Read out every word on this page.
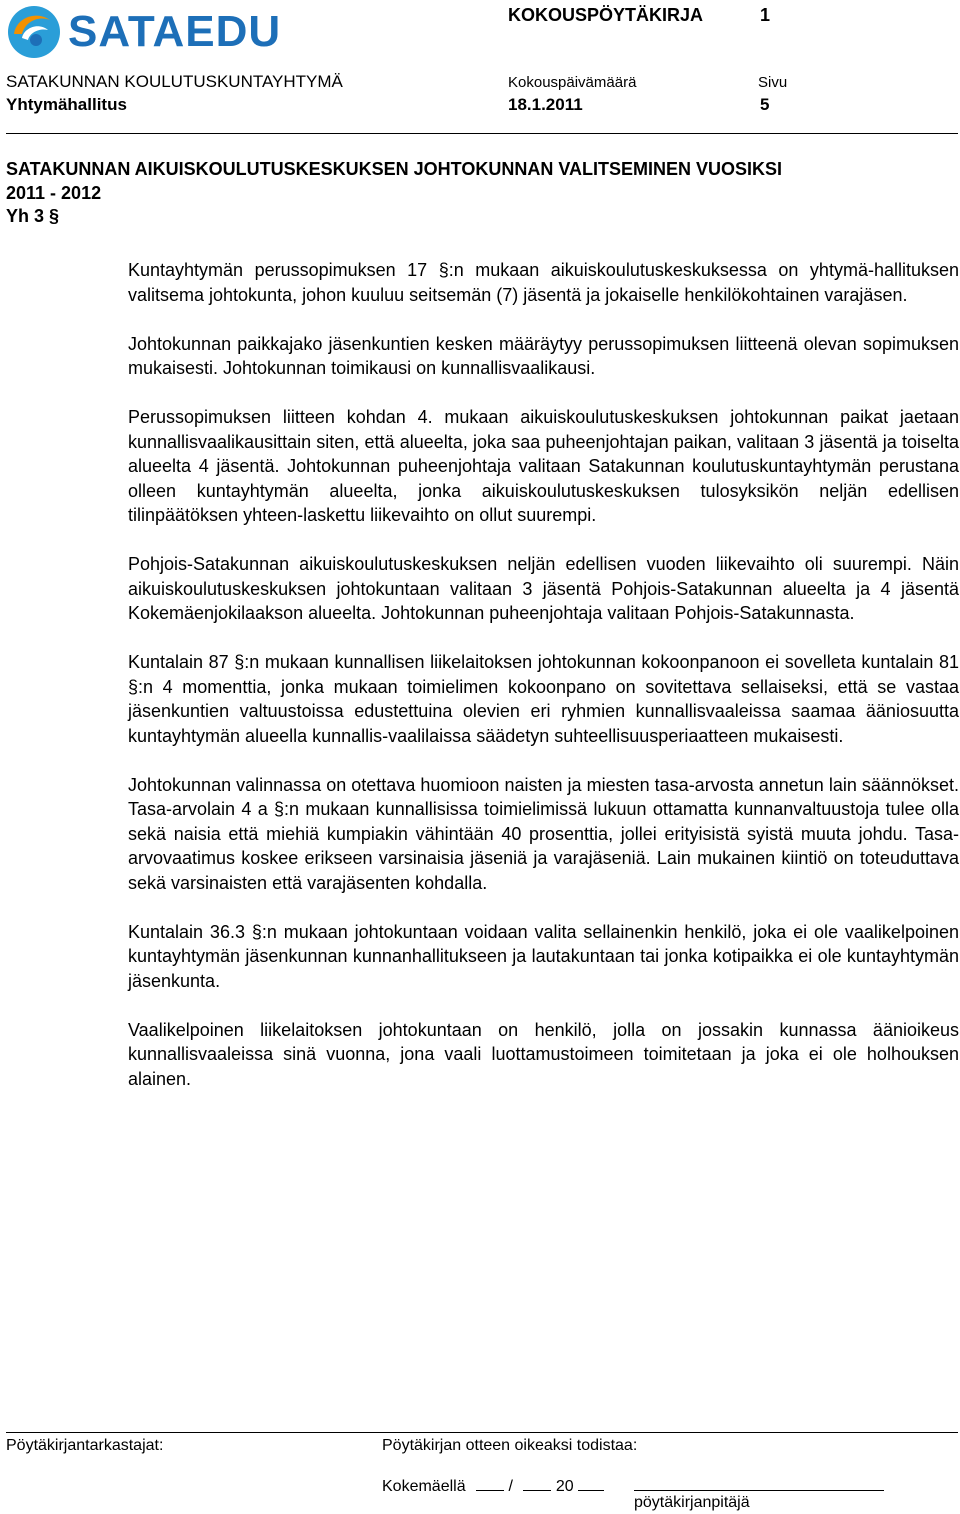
SATAEDU	KOKOUSPÖYTÄKIRJA	1
SATAKUNNAN KOULUTUSKUNTAYHTYMÄ	Kokouspäivämäärä	Sivu
Yhtymähallitus	18.1.2011	5
SATAKUNNAN AIKUISKOULUTUSKESKUKSEN JOHTOKUNNAN VALITSEMINEN VUOSIKSI
2011 - 2012
Yh 3 §

Kuntayhtymän perussopimuksen 17 §:n mukaan aikuiskoulutuskeskuksessa on yhtymä-hallituksen valitsema johtokunta, johon kuuluu seitsemän (7) jäsentä ja jokaiselle henkilökohtainen varajäsen.

Johtokunnan paikkajako jäsenkuntien kesken määräytyy perussopimuksen liitteenä olevan sopimuksen mukaisesti. Johtokunnan toimikausi on kunnallisvaalikausi.

Perussopimuksen liitteen kohdan 4. mukaan aikuiskoulutuskeskuksen johtokunnan paikat jaetaan kunnallisvaalikausittain siten, että alueelta, joka saa puheenjohtajan paikan, valitaan 3 jäsentä ja toiselta alueelta 4 jäsentä. Johtokunnan puheenjohtaja valitaan Satakunnan koulutuskuntayhtymän perustana olleen kuntayhtymän alueelta, jonka aikuiskoulutuskeskuksen tulosyksikön neljän edellisen tilinpäätöksen yhteen-laskettu liikevaihto on ollut suurempi.

Pohjois-Satakunnan aikuiskoulutuskeskuksen neljän edellisen vuoden liikevaihto oli suurempi. Näin aikuiskoulutuskeskuksen johtokuntaan valitaan 3 jäsentä Pohjois-Satakunnan alueelta ja 4 jäsentä Kokemäenjokilaakson alueelta. Johtokunnan puheenjohtaja valitaan Pohjois-Satakunnasta.

Kuntalain 87 §:n mukaan kunnallisen liikelaitoksen johtokunnan kokoonpanoon ei sovelleta kuntalain 81 §:n 4 momenttia, jonka mukaan toimielimen kokoonpano on sovitettava sellaiseksi, että se vastaa jäsenkuntien valtuustoissa edustettuina olevien eri ryhmien kunnallisvaaleissa saamaa ääniosuutta kuntayhtymän alueella kunnallis-vaalilaissa säädetyn suhteellisuusperiaatteen mukaisesti.

Johtokunnan valinnassa on otettava huomioon naisten ja miesten tasa-arvosta annetun lain säännökset. Tasa-arvolain 4 a §:n mukaan kunnallisissa toimielimissä lukuun ottamatta kunnanvaltuustoja tulee olla sekä naisia että miehiä kumpiakin vähintään 40 prosenttia, jollei erityisistä syistä muuta johdu. Tasa-arvovaatimus koskee erikseen varsinaisia jäseniä ja varajäseniä. Lain mukainen kiintiö on toteuduttava sekä varsinaisten että varajäsenten kohdalla.

Kuntalain 36.3 §:n mukaan johtokuntaan voidaan valita sellainenkin henkilö, joka ei ole vaalikelpoinen kuntayhtymän jäsenkunnan kunnanhallitukseen ja lautakuntaan tai jonka kotipaikka ei ole kuntayhtymän jäsenkunta.

Vaalikelpoinen liikelaitoksen johtokuntaan on henkilö, jolla on jossakin kunnassa äänioikeus kunnallisvaaleissa sinä vuonna, jona vaali luottamustoimeen toimitetaan ja joka ei ole holhouksen alainen.

Pöytäkirjantarkastajat:	Pöytäkirjan otteen oikeaksi todistaa:
Kokemäellä	/	20
pöytäkirjanpitäjä
